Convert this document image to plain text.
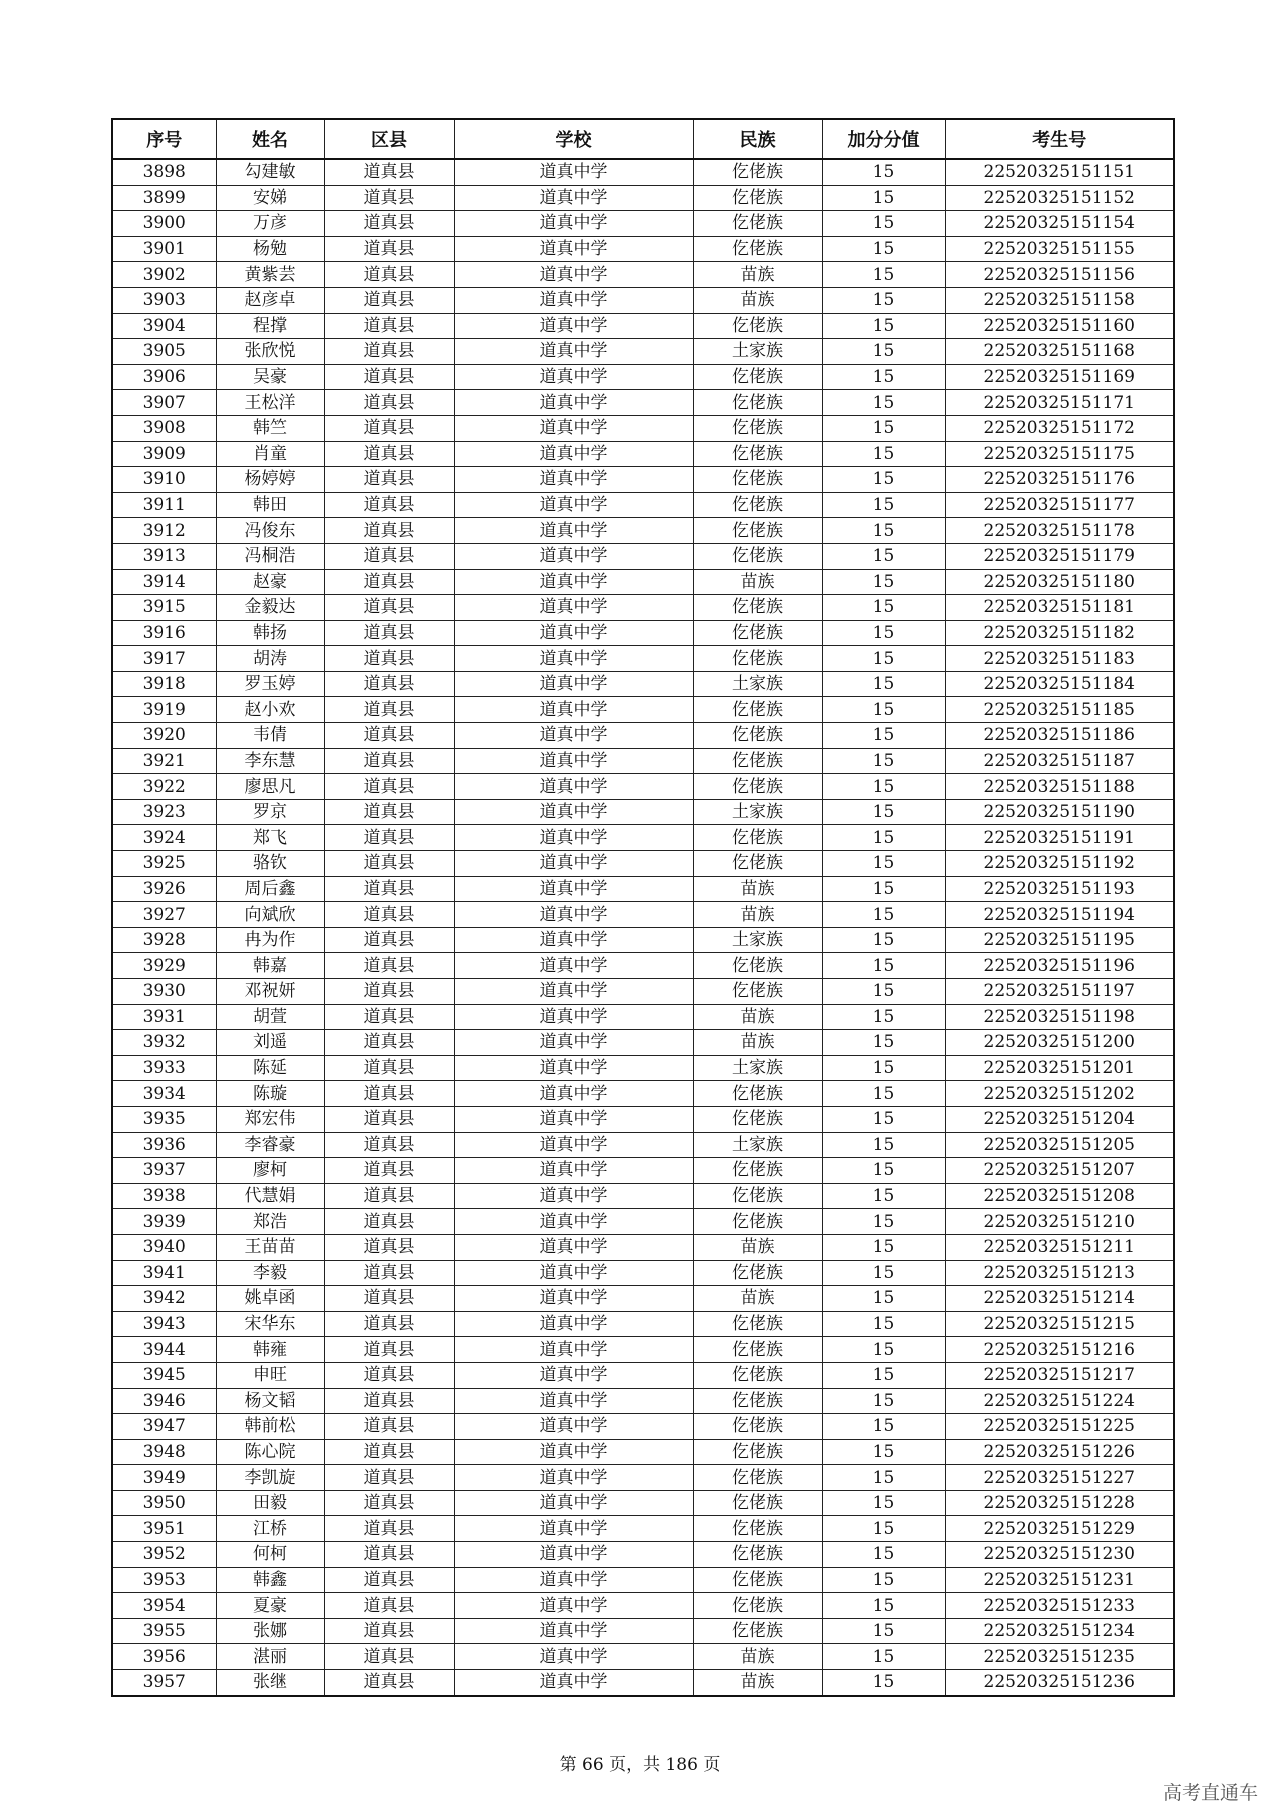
序号	姓名	区县	学校	民族	加分分值	考生号
3898	勾建敏	道真县	道真中学	仡佬族	15	22520325151151
3899	安娣	道真县	道真中学	仡佬族	15	22520325151152
3900	万彦	道真县	道真中学	仡佬族	15	22520325151154
3901	杨勉	道真县	道真中学	仡佬族	15	22520325151155
3902	黄紫芸	道真县	道真中学	苗族	15	22520325151156
3903	赵彦卓	道真县	道真中学	苗族	15	22520325151158
3904	程撑	道真县	道真中学	仡佬族	15	22520325151160
3905	张欣悦	道真县	道真中学	土家族	15	22520325151168
3906	吴豪	道真县	道真中学	仡佬族	15	22520325151169
3907	王松洋	道真县	道真中学	仡佬族	15	22520325151171
3908	韩竺	道真县	道真中学	仡佬族	15	22520325151172
3909	肖童	道真县	道真中学	仡佬族	15	22520325151175
3910	杨婷婷	道真县	道真中学	仡佬族	15	22520325151176
3911	韩田	道真县	道真中学	仡佬族	15	22520325151177
3912	冯俊东	道真县	道真中学	仡佬族	15	22520325151178
3913	冯桐浩	道真县	道真中学	仡佬族	15	22520325151179
3914	赵豪	道真县	道真中学	苗族	15	22520325151180
3915	金毅达	道真县	道真中学	仡佬族	15	22520325151181
3916	韩扬	道真县	道真中学	仡佬族	15	22520325151182
3917	胡涛	道真县	道真中学	仡佬族	15	22520325151183
3918	罗玉婷	道真县	道真中学	土家族	15	22520325151184
3919	赵小欢	道真县	道真中学	仡佬族	15	22520325151185
3920	韦倩	道真县	道真中学	仡佬族	15	22520325151186
3921	李东慧	道真县	道真中学	仡佬族	15	22520325151187
3922	廖思凡	道真县	道真中学	仡佬族	15	22520325151188
3923	罗京	道真县	道真中学	土家族	15	22520325151190
3924	郑飞	道真县	道真中学	仡佬族	15	22520325151191
3925	骆钦	道真县	道真中学	仡佬族	15	22520325151192
3926	周后鑫	道真县	道真中学	苗族	15	22520325151193
3927	向斌欣	道真县	道真中学	苗族	15	22520325151194
3928	冉为作	道真县	道真中学	土家族	15	22520325151195
3929	韩嘉	道真县	道真中学	仡佬族	15	22520325151196
3930	邓祝妍	道真县	道真中学	仡佬族	15	22520325151197
3931	胡萱	道真县	道真中学	苗族	15	22520325151198
3932	刘遥	道真县	道真中学	苗族	15	22520325151200
3933	陈延	道真县	道真中学	土家族	15	22520325151201
3934	陈璇	道真县	道真中学	仡佬族	15	22520325151202
3935	郑宏伟	道真县	道真中学	仡佬族	15	22520325151204
3936	李睿豪	道真县	道真中学	土家族	15	22520325151205
3937	廖柯	道真县	道真中学	仡佬族	15	22520325151207
3938	代慧娟	道真县	道真中学	仡佬族	15	22520325151208
3939	郑浩	道真县	道真中学	仡佬族	15	22520325151210
3940	王苗苗	道真县	道真中学	苗族	15	22520325151211
3941	李毅	道真县	道真中学	仡佬族	15	22520325151213
3942	姚卓函	道真县	道真中学	苗族	15	22520325151214
3943	宋华东	道真县	道真中学	仡佬族	15	22520325151215
3944	韩雍	道真县	道真中学	仡佬族	15	22520325151216
3945	申旺	道真县	道真中学	仡佬族	15	22520325151217
3946	杨文韬	道真县	道真中学	仡佬族	15	22520325151224
3947	韩前松	道真县	道真中学	仡佬族	15	22520325151225
3948	陈心院	道真县	道真中学	仡佬族	15	22520325151226
3949	李凯旋	道真县	道真中学	仡佬族	15	22520325151227
3950	田毅	道真县	道真中学	仡佬族	15	22520325151228
3951	江桥	道真县	道真中学	仡佬族	15	22520325151229
3952	何柯	道真县	道真中学	仡佬族	15	22520325151230
3953	韩鑫	道真县	道真中学	仡佬族	15	22520325151231
3954	夏豪	道真县	道真中学	仡佬族	15	22520325151233
3955	张娜	道真县	道真中学	仡佬族	15	22520325151234
3956	湛丽	道真县	道真中学	苗族	15	22520325151235
3957	张继	道真县	道真中学	苗族	15	22520325151236
第 66 页，共 186 页
高考直通车
